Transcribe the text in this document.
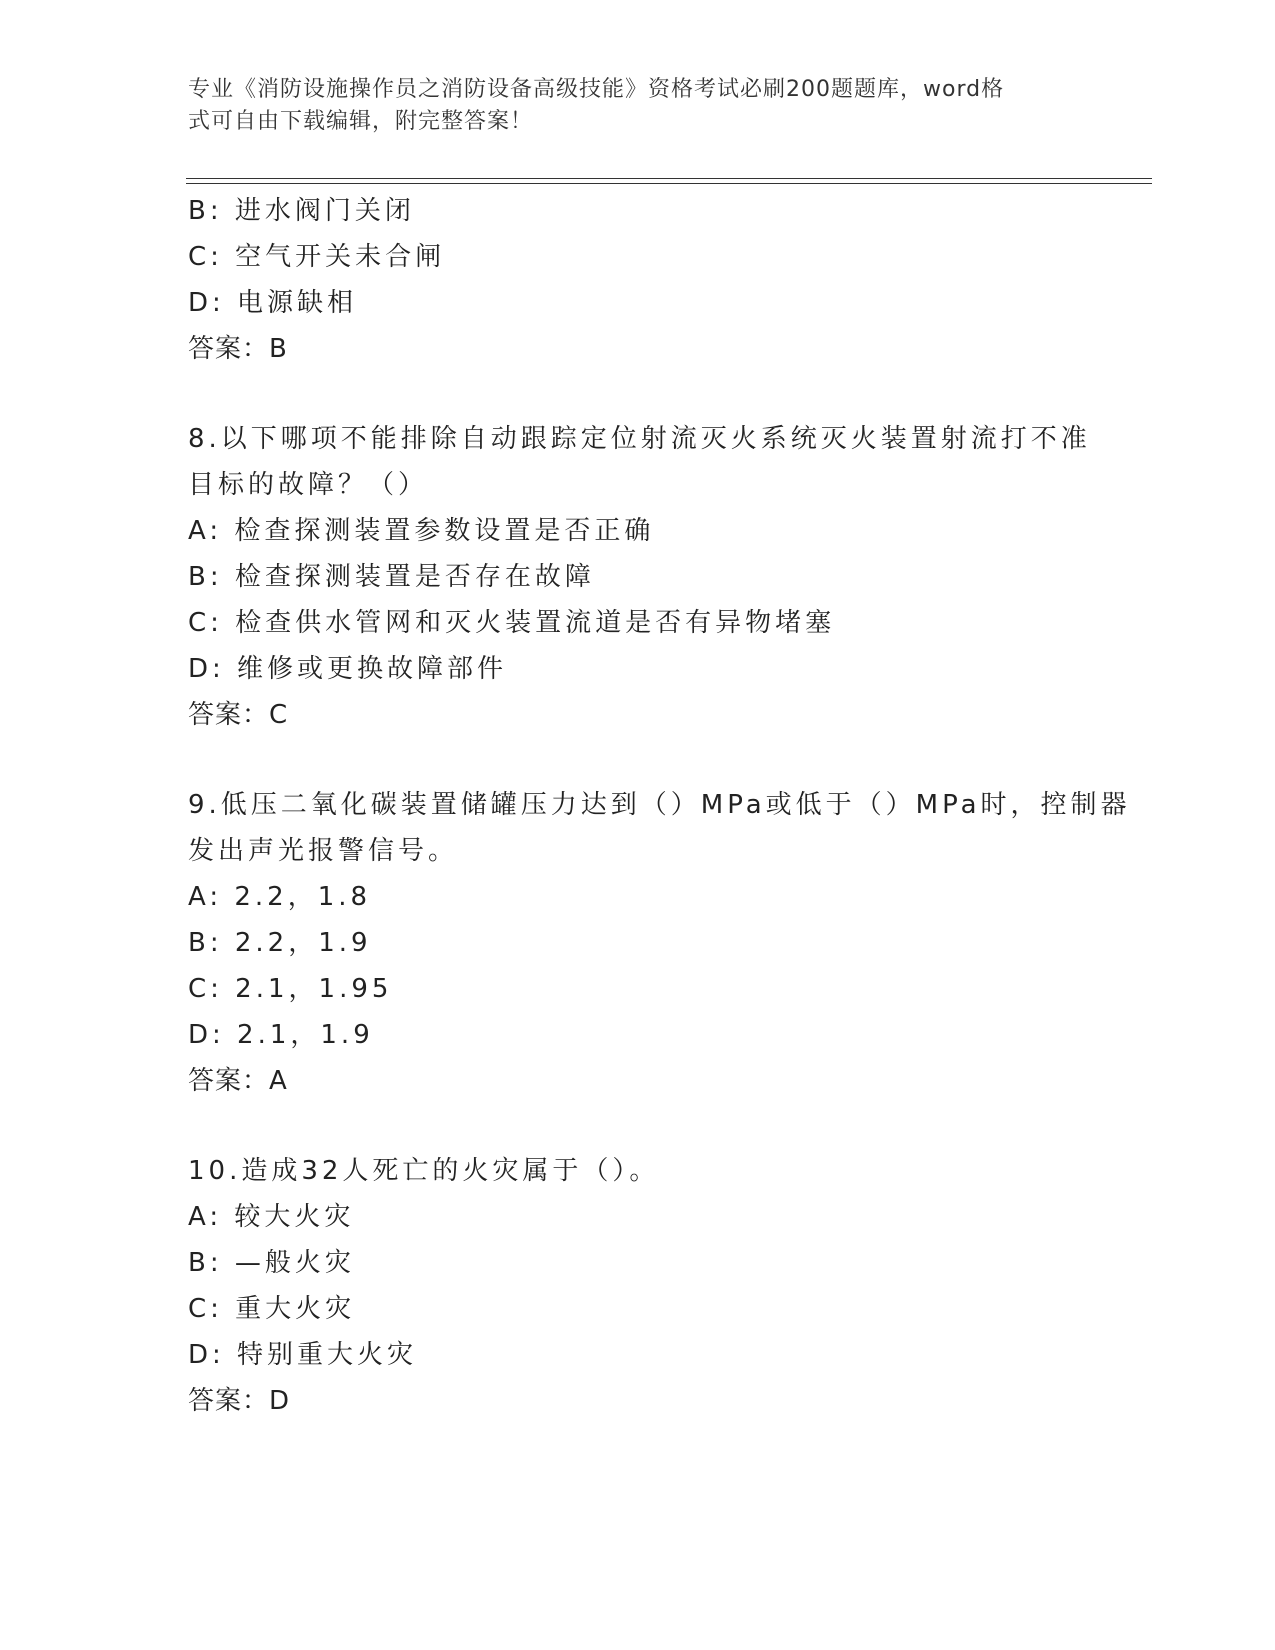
专业《消防设施操作员之消防设备高级技能》资格考试必刷200题题库，word格
式可自由下载编辑，附完整答案！
B: 进水阀门关闭
C: 空气开关未合闸
D: 电源缺相
答案：B
8.以下哪项不能排除自动跟踪定位射流灭火系统灭火装置射流打不准
目标的故障？（）
A: 检查探测装置参数设置是否正确
B: 检查探测装置是否存在故障
C: 检查供水管网和灭火装置流道是否有异物堵塞
D: 维修或更换故障部件
答案：C
9.低压二氧化碳装置储罐压力达到（）MPa或低于（）MPa时，控制器
发出声光报警信号。
A: 2.2，1.8
B: 2.2，1.9
C: 2.1，1.95
D: 2.1，1.9
答案：A
10.造成32人死亡的火灾属于（）。
A: 较大火灾
B: —般火灾
C: 重大火灾
D: 特别重大火灾
答案：D
